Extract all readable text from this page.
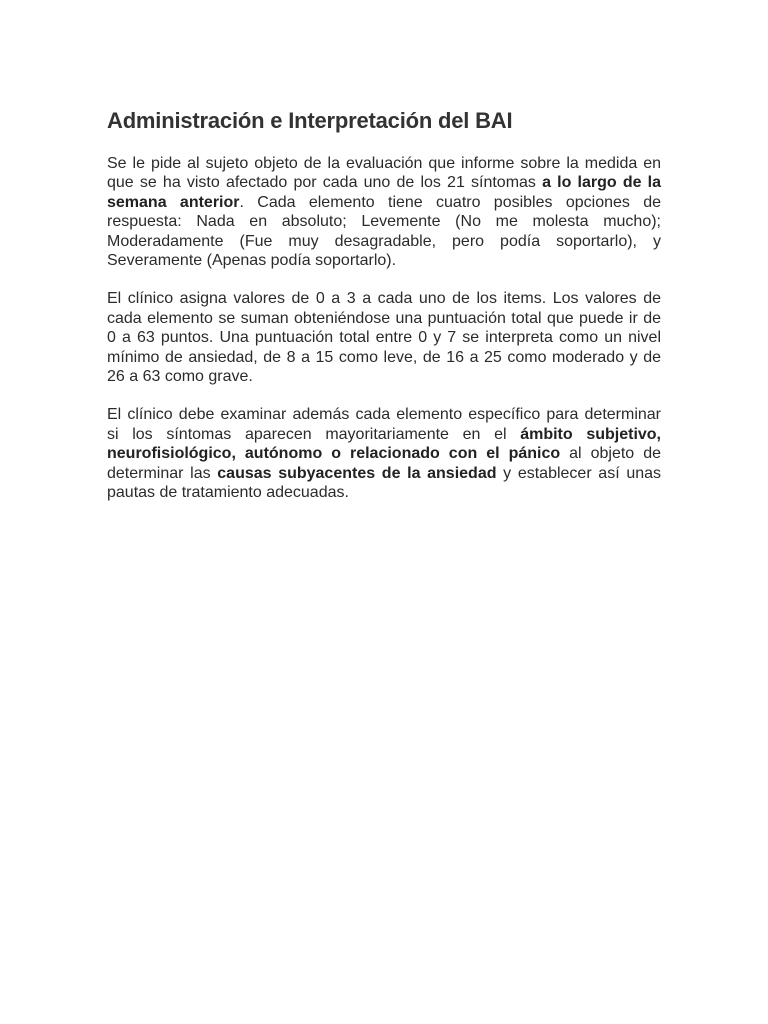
Administración e Interpretación del BAI

Se le pide al sujeto objeto de la evaluación que informe sobre la medida en que se ha visto afectado por cada uno de los 21 síntomas a lo largo de la semana anterior. Cada elemento tiene cuatro posibles opciones de respuesta: Nada en absoluto; Levemente (No me molesta mucho); Moderadamente (Fue muy desagradable, pero podía soportarlo), y Severamente (Apenas podía soportarlo).

El clínico asigna valores de 0 a 3 a cada uno de los items. Los valores de cada elemento se suman obteniéndose una puntuación total que puede ir de 0 a 63 puntos. Una puntuación total entre 0 y 7 se interpreta como un nivel mínimo de ansiedad, de 8 a 15 como leve, de 16 a 25 como moderado y de 26 a 63 como grave.

El clínico debe examinar además cada elemento específico para determinar si los síntomas aparecen mayoritariamente en el ámbito subjetivo, neurofisiológico, autónomo o relacionado con el pánico al objeto de determinar las causas subyacentes de la ansiedad y establecer así unas pautas de tratamiento adecuadas.
